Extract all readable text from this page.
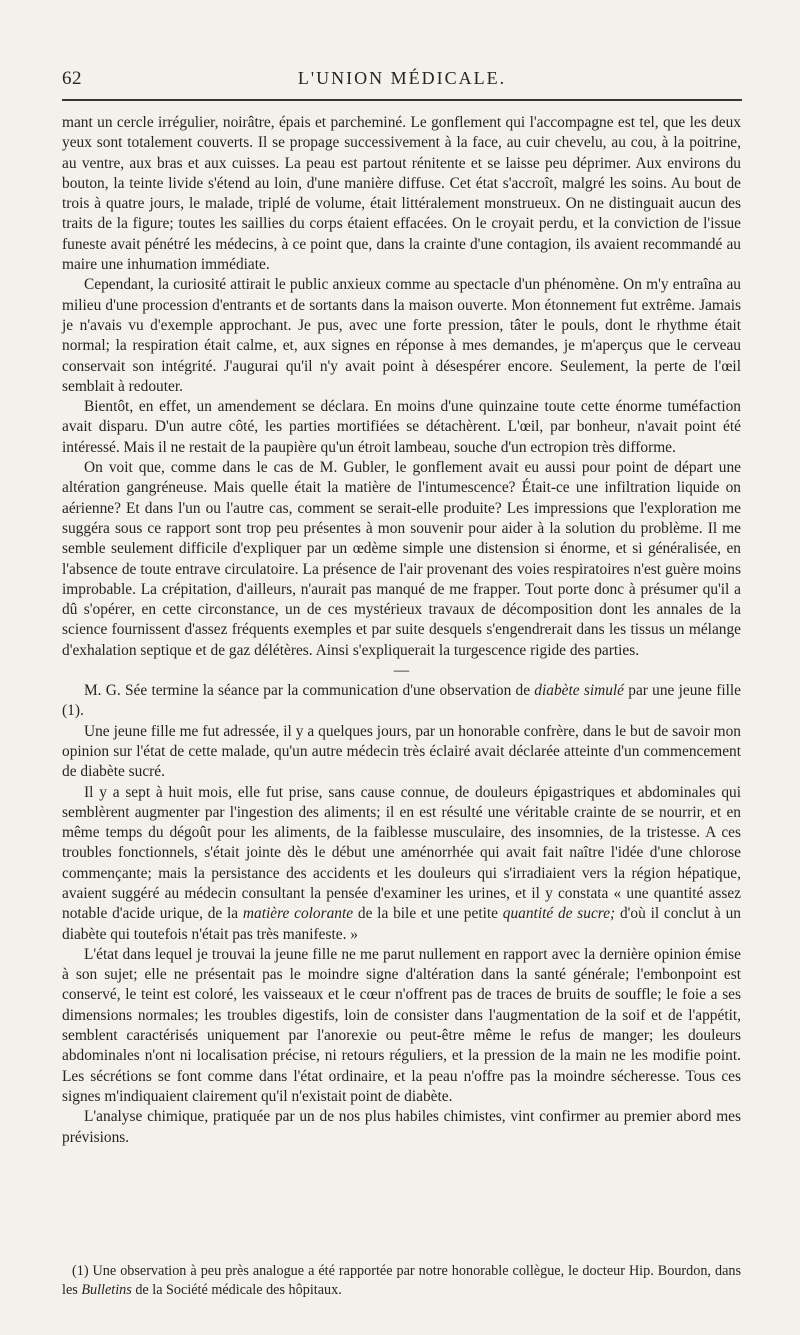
62	L'UNION MÉDICALE.

mant un cercle irrégulier, noirâtre, épais et parcheminé. Le gonflement qui l'accompagne est tel, que les deux yeux sont totalement couverts. Il se propage successivement à la face, au cuir chevelu, au cou, à la poitrine, au ventre, aux bras et aux cuisses. La peau est partout rénitente et se laisse peu déprimer. Aux environs du bouton, la teinte livide s'étend au loin, d'une manière diffuse. Cet état s'accroît, malgré les soins. Au bout de trois à quatre jours, le malade, triplé de volume, était littéralement monstrueux. On ne distinguait aucun des traits de la figure; toutes les saillies du corps étaient effacées. On le croyait perdu, et la conviction de l'issue funeste avait pénétré les médecins, à ce point que, dans la crainte d'une contagion, ils avaient recommandé au maire une inhumation immédiate.

Cependant, la curiosité attirait le public anxieux comme au spectacle d'un phénomène. On m'y entraîna au milieu d'une procession d'entrants et de sortants dans la maison ouverte. Mon étonnement fut extrême. Jamais je n'avais vu d'exemple approchant. Je pus, avec une forte pression, tâter le pouls, dont le rhythme était normal; la respiration était calme, et, aux signes en réponse à mes demandes, je m'aperçus que le cerveau conservait son intégrité. J'augurai qu'il n'y avait point à désespérer encore. Seulement, la perte de l'œil semblait à redouter.

Bientôt, en effet, un amendement se déclara. En moins d'une quinzaine toute cette énorme tuméfaction avait disparu. D'un autre côté, les parties mortifiées se détachèrent. L'œil, par bonheur, n'avait point été intéressé. Mais il ne restait de la paupière qu'un étroit lambeau, souche d'un ectropion très difforme.

On voit que, comme dans le cas de M. Gubler, le gonflement avait eu aussi pour point de départ une altération gangréneuse. Mais quelle était la matière de l'intumescence? Était-ce une infiltration liquide on aérienne? Et dans l'un ou l'autre cas, comment se serait-elle produite? Les impressions que l'exploration me suggéra sous ce rapport sont trop peu présentes à mon souvenir pour aider à la solution du problème. Il me semble seulement difficile d'expliquer par un œdème simple une distension si énorme, et si généralisée, en l'absence de toute entrave circulatoire. La présence de l'air provenant des voies respiratoires n'est guère moins improbable. La crépitation, d'ailleurs, n'aurait pas manqué de me frapper. Tout porte donc à présumer qu'il a dû s'opérer, en cette circonstance, un de ces mystérieux travaux de décomposition dont les annales de la science fournissent d'assez fréquents exemples et par suite desquels s'engendrerait dans les tissus un mélange d'exhalation septique et de gaz délétères. Ainsi s'expliquerait la turgescence rigide des parties.

—

M. G. Sée termine la séance par la communication d'une observation de diabète simulé par une jeune fille (1).

Une jeune fille me fut adressée, il y a quelques jours, par un honorable confrère, dans le but de savoir mon opinion sur l'état de cette malade, qu'un autre médecin très éclairé avait déclarée atteinte d'un commencement de diabète sucré.

Il y a sept à huit mois, elle fut prise, sans cause connue, de douleurs épigastriques et abdominales qui semblèrent augmenter par l'ingestion des aliments; il en est résulté une véritable crainte de se nourrir, et en même temps du dégoût pour les aliments, de la faiblesse musculaire, des insomnies, de la tristesse. A ces troubles fonctionnels, s'était jointe dès le début une aménorrhée qui avait fait naître l'idée d'une chlorose commençante; mais la persistance des accidents et les douleurs qui s'irradiaient vers la région hépatique, avaient suggéré au médecin consultant la pensée d'examiner les urines, et il y constata « une quantité assez notable d'acide urique, de la matière colorante de la bile et une petite quantité de sucre; d'où il conclut à un diabète qui toutefois n'était pas très manifeste. »

L'état dans lequel je trouvai la jeune fille ne me parut nullement en rapport avec la dernière opinion émise à son sujet; elle ne présentait pas le moindre signe d'altération dans la santé générale; l'embonpoint est conservé, le teint est coloré, les vaisseaux et le cœur n'offrent pas de traces de bruits de souffle; le foie a ses dimensions normales; les troubles digestifs, loin de consister dans l'augmentation de la soif et de l'appétit, semblent caractérisés uniquement par l'anorexie ou peut-être même le refus de manger; les douleurs abdominales n'ont ni localisation précise, ni retours réguliers, et la pression de la main ne les modifie point. Les sécrétions se font comme dans l'état ordinaire, et la peau n'offre pas la moindre sécheresse. Tous ces signes m'indiquaient clairement qu'il n'existait point de diabète.

L'analyse chimique, pratiquée par un de nos plus habiles chimistes, vint confirmer au premier abord mes prévisions.

(1) Une observation à peu près analogue a été rapportée par notre honorable collègue, le docteur Hip. Bourdon, dans les Bulletins de la Société médicale des hôpitaux.
